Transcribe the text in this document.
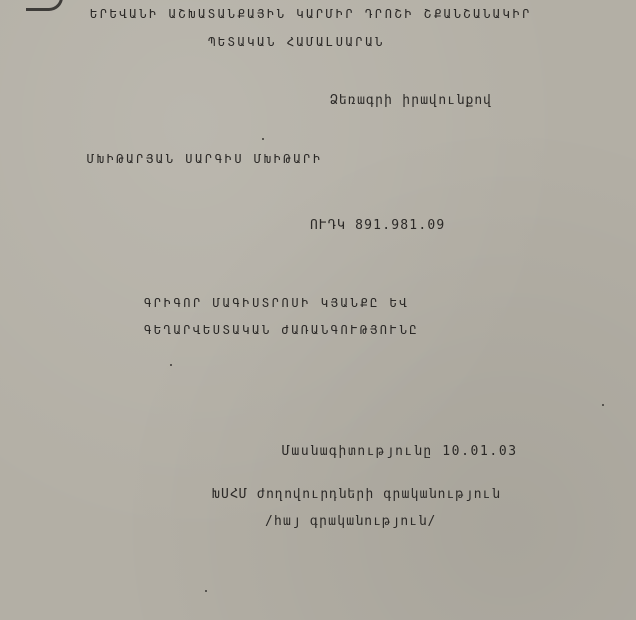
ԵՐԵՎԱՆԻ ԱՇԽԱՏԱՆՔԱՅԻՆ ԿԱՐՄԻՐ ԴՐՈՇԻ ՇՔԱՆՇԱՆԱԿԻՐ
ՊԵՏԱԿԱՆ ՀԱՄԱԼՍԱՐԱՆ
Ձեռագրի իրավունքով
ՄԽԻԹԱՐՅԱՆ ՍԱՐԳԻՍ ՄԽԻԹԱՐԻ
ՈՒԴԿ 891.981.09
ԳՐԻԳՈՐ ՄԱԳԻՍՏՐՈՍԻ ԿՅԱՆՔԸ ԵՎ
ԳԵՂԱՐՎԵՍՏԱԿԱՆ ԺԱՌԱՆԳՈՒԹՅՈՒՆԸ
Մասնագիտությունը 10.01.03
ԽՍՀՄ ժողովուրդների գրականություն
/հայ գրականություն/
